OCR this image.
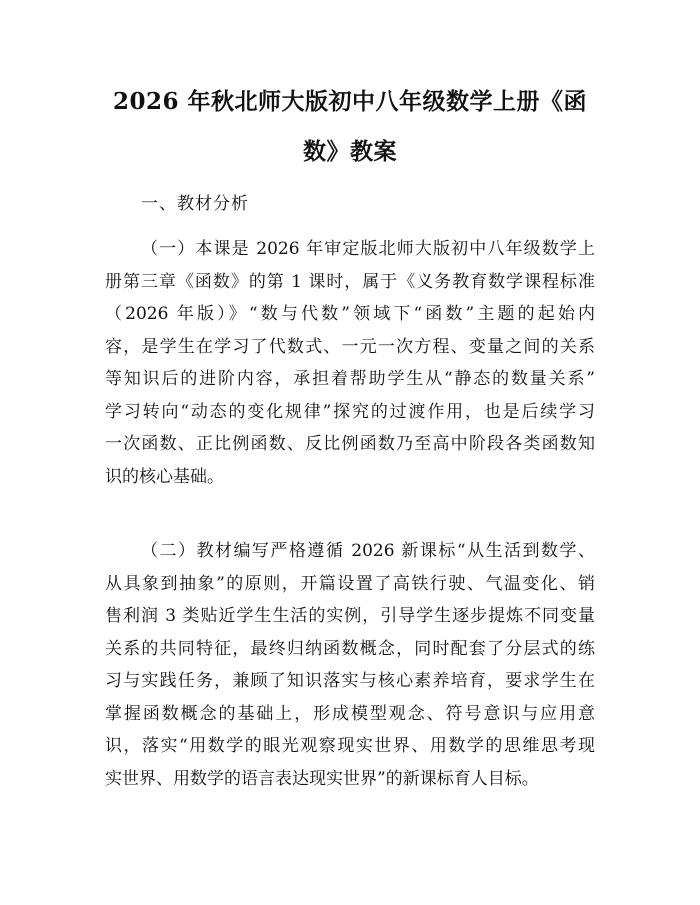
2026 年秋北师大版初中八年级数学上册《函
数》教案
一、教材分析
（一）本课是 2026 年审定版北师大版初中八年级数学上
册第三章《函数》的第 1 课时，属于《义务教育数学课程标准
（2026 年版）》“数与代数”领域下“函数”主题的起始内
容，是学生在学习了代数式、一元一次方程、变量之间的关系
等知识后的进阶内容，承担着帮助学生从“静态的数量关系”
学习转向“动态的变化规律”探究的过渡作用，也是后续学习
一次函数、正比例函数、反比例函数乃至高中阶段各类函数知
识的核心基础。
（二）教材编写严格遵循 2026 新课标“从生活到数学、
从具象到抽象”的原则，开篇设置了高铁行驶、气温变化、销
售利润 3 类贴近学生生活的实例，引导学生逐步提炼不同变量
关系的共同特征，最终归纳函数概念，同时配套了分层式的练
习与实践任务，兼顾了知识落实与核心素养培育，要求学生在
掌握函数概念的基础上，形成模型观念、符号意识与应用意
识，落实“用数学的眼光观察现实世界、用数学的思维思考现
实世界、用数学的语言表达现实世界”的新课标育人目标。
